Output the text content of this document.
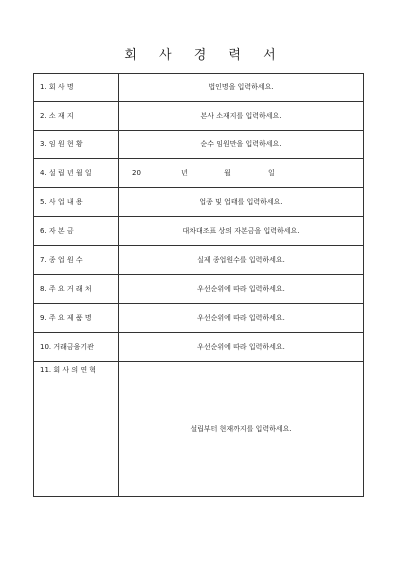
회 사 경 력 서
1. 회 사 명	법인명을 입력하세요.
2. 소 재 지	본사 소재지를 입력하세요.
3. 임 원 현 황	순수 임원만을 입력하세요.
4. 설 립 년 월 일	20 년 월 일

5. 사 업 내 용	업종 및 업태를 입력하세요.
6. 자 본 금	대차대조표 상의 자본금을 입력하세요.
7. 종 업 원 수	실제 종업원수를 입력하세요.
8. 주 요 거 래 처	우선순위에 따라 입력하세요.
9. 주 요 제 품 명	우선순위에 따라 입력하세요.
10. 거래금융기관	우선순위에 따라 입력하세요.
11. 회 사 의 연 혁	설립부터 현재까지를 입력하세요.
